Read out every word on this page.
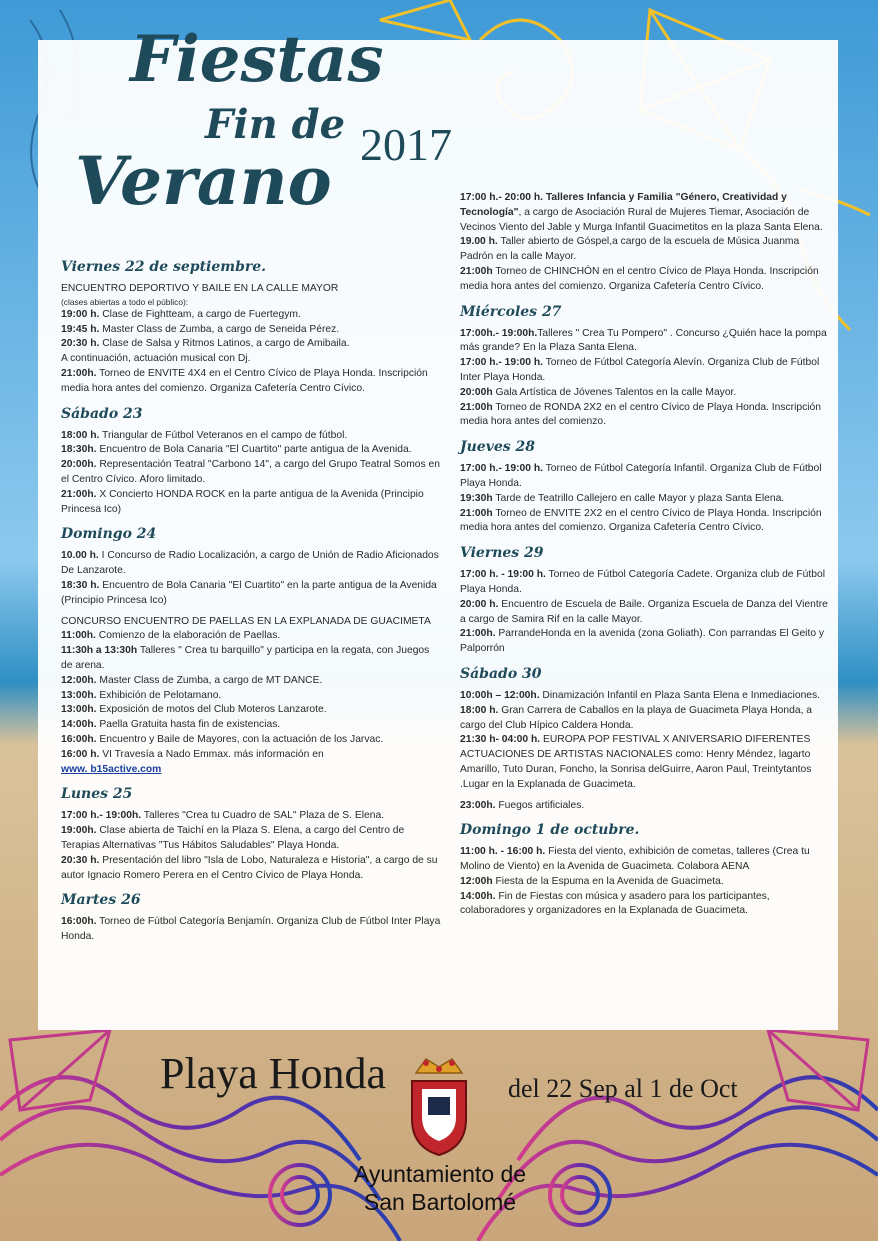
Fiestas
Fin de
Verano 2017
Viernes 22 de septiembre.

ENCUENTRO DEPORTIVO Y BAILE EN LA CALLE MAYOR

(clases abiertas a todo el público):

19:00 h. Clase de Fightteam, a cargo de Fuertegym.

19:45 h. Master Class de Zumba, a cargo de Seneida Pérez.

20:30 h. Clase de Salsa y Ritmos Latinos, a cargo de Amibaila.

A continuación, actuación musical con Dj.

21:00h. Torneo de ENVITE 4X4 en el Centro Cívico de Playa Honda. Inscripción media hora antes del comienzo. Organiza Cafetería Centro Cívico.

Sábado 23

18:00 h. Triangular de Fútbol Veteranos en el campo de fútbol.

18:30h. Encuentro de Bola Canaria "El Cuartito" parte antigua de la Avenida.

20:00h. Representación Teatral "Carbono 14", a cargo del Grupo Teatral Somos en el Centro Cívico. Aforo limitado.

21:00h. X Concierto HONDA ROCK en la parte antigua de la Avenida (Principio Princesa Ico)

Domingo 24

10.00 h. I Concurso de Radio Localización, a cargo de Unión de Radio Aficionados De Lanzarote.

18:30 h. Encuentro de Bola Canaria "El Cuartito" en la parte antigua de la Avenida (Principio Princesa Ico)

CONCURSO ENCUENTRO DE PAELLAS EN LA EXPLANADA DE GUACIMETA

11:00h. Comienzo de la elaboración de Paellas.

11:30h a 13:30h Talleres " Crea tu barquillo" y participa en la regata, con Juegos de arena.

12:00h. Master Class de Zumba, a cargo de MT DANCE.

13:00h. Exhibición de Pelotamano.

13:00h. Exposición de motos del Club Moteros Lanzarote.

14:00h. Paella Gratuita hasta fin de existencias.

16:00h. Encuentro y Baile de Mayores, con la actuación de los Jarvac.

16:00 h. VI Travesía a Nado Emmax. más información en

www. b15active.com

Lunes 25

17:00 h.- 19:00h. Talleres "Crea tu Cuadro de SAL" Plaza de S. Elena.

19:00h. Clase abierta de Taichí en la Plaza S. Elena, a cargo del Centro de Terapias Alternativas "Tus Hábitos Saludables" Playa Honda.

20:30 h. Presentación del libro "Isla de Lobo, Naturaleza e Historia", a cargo de su autor Ignacio Romero Perera en el Centro Cívico de Playa Honda.

Martes 26

16:00h. Torneo de Fútbol Categoría Benjamín. Organiza Club de Fútbol Inter Playa Honda.

17:00 h.- 20:00 h. Talleres Infancia y Familia "Género, Creatividad y Tecnología", a cargo de Asociación Rural de Mujeres Tiemar, Asociación de Vecinos Viento del Jable y Murga Infantil Guacimetitos en la plaza Santa Elena.

19.00 h. Taller abierto de Góspel,a cargo de la escuela de Música Juanma Padrón en la calle Mayor.

21:00h Torneo de CHINCHÓN en el centro Cívico de Playa Honda. Inscripción media hora antes del comienzo. Organiza Cafetería Centro Cívico.

Miércoles 27

17:00h.- 19:00h.Talleres " Crea Tu Pompero" . Concurso ¿Quién hace la pompa más grande? En la Plaza Santa Elena.

17:00 h.- 19:00 h. Torneo de Fútbol Categoría Alevín. Organiza Club de Fútbol Inter Playa Honda.

20:00h Gala Artística de Jóvenes Talentos en la calle Mayor.

21:00h Torneo de RONDA 2X2 en el centro Cívico de Playa Honda. Inscripción media hora antes del comienzo.

Jueves 28

17:00 h.- 19:00 h. Torneo de Fútbol Categoría Infantil. Organiza Club de Fútbol Playa Honda.

19:30h Tarde de Teatrillo Callejero en calle Mayor y plaza Santa Elena.

21:00h Torneo de ENVITE 2X2 en el centro Cívico de Playa Honda. Inscripción media hora antes del comienzo. Organiza Cafetería Centro Cívico.

Viernes 29

17:00 h. - 19:00 h. Torneo de Fútbol Categoría Cadete. Organiza club de Fútbol Playa Honda.

20:00 h. Encuentro de Escuela de Baile. Organiza Escuela de Danza del Vientre a cargo de Samira Rif en la calle Mayor.

21:00h. ParrandeHonda en la avenida (zona Goliath). Con parrandas El Geito y Palporrón

Sábado 30

10:00h – 12:00h. Dinamización Infantil en Plaza Santa Elena e Inmediaciones.

18:00 h. Gran Carrera de Caballos en la playa de Guacimeta Playa Honda, a cargo del Club Hípico Caldera Honda.

21:30 h- 04:00 h. EUROPA POP FESTIVAL X ANIVERSARIO DIFERENTES ACTUACIONES DE ARTISTAS NACIONALES como: Henry Méndez, lagarto Amarillo, Tuto Duran, Foncho, la Sonrisa delGuirre, Aaron Paul, Treintytantos .Lugar en la Explanada de Guacimeta.

23:00h. Fuegos artificiales.

Domingo 1 de octubre.

11:00 h. - 16:00 h. Fiesta del viento, exhibición de cometas, talleres (Crea tu Molino de Viento) en la Avenida de Guacimeta. Colabora AENA

12:00h Fiesta de la Espuma en la Avenida de Guacimeta.

14:00h. Fin de Fiestas con música y asadero para los participantes, colaboradores y organizadores en la Explanada de Guacimeta.

Playa Honda	del 22 Sep al 1 de Oct
Ayuntamiento de
San Bartolomé
